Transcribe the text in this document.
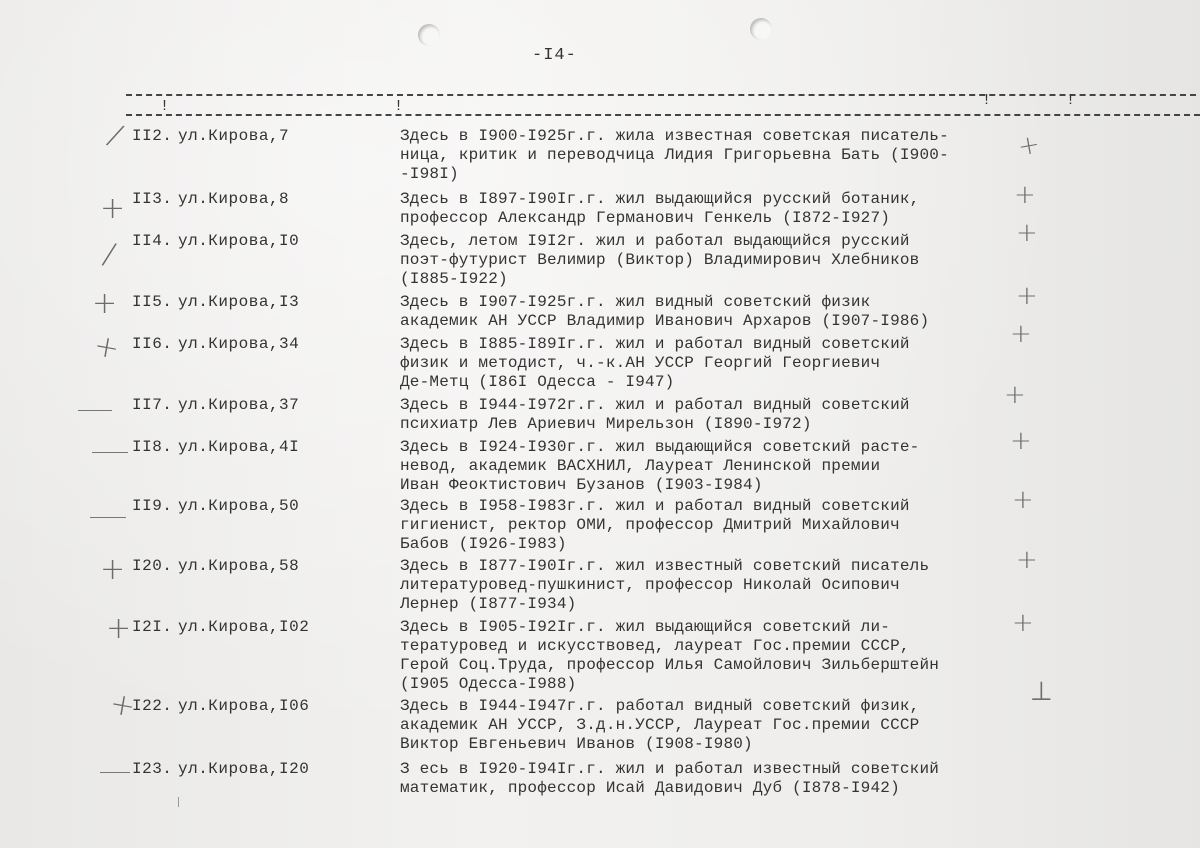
-I4-
!	!	!	!
/ II2. ул.Кирова,7	Здесь в I900-I925г.г. жила известная советская писатель-
ница, критик и переводчица Лидия Григорьевна Бать (I900-
-I98I)
+
+ II3. ул.Кирова,8	Здесь в I897-I90Iг.г. жил выдающийся русский ботаник,
профессор Александр Германович Генкель (I872-I927)
+
/ II4. ул.Кирова,I0	Здесь, летом I9I2г. жил и работал выдающийся русский
поэт-футурист Велимир (Виктор) Владимирович Хлебников
(I885-I922)
+
+ II5. ул.Кирова,I3	Здесь в I907-I925г.г. жил видный советский физик
академик АН УССР Владимир Иванович Архаров (I907-I986)
+
+ II6. ул.Кирова,34	Здесь в I885-I89Iг.г. жил и работал видный советский
физик и методист, ч.-к.АН УССР Георгий Георгиевич
Де-Метц (I86I Одесса - I947)
+
II7. ул.Кирова,37	Здесь в I944-I972г.г. жил и работал видный советский
психиатр Лев Ариевич Мирельзон (I890-I972)
+
II8. ул.Кирова,4I	Здесь в I924-I930г.г. жил выдающийся советский расте-
невод, академик ВАСХНИЛ, Лауреат Ленинской премии
Иван Феоктистович Бузанов (I903-I984)
+
II9. ул.Кирова,50	Здесь в I958-I983г.г. жил и работал видный советский
гигиенист, ректор ОМИ, профессор Дмитрий Михайлович
Бабов (I926-I983)
+
+ I20. ул.Кирова,58	Здесь в I877-I90Iг.г. жил известный советский писатель
литературовед-пушкинист, профессор Николай Осипович
Лернер (I877-I934)
+
+ I2I. ул.Кирова,I02	Здесь в I905-I92Iг.г. жил выдающийся советский ли-
тературовед и искусствовед, лауреат Гос.премии СССР,
Герой Соц.Труда, профессор Илья Самойлович Зильберштейн
(I905 Одесса-I988)
+
+
I22. ул.Кирова,I06	Здесь в I944-I947г.г. работал видный советский физик,
академик АН УССР, З.д.н.УССР, Лауреат Гос.премии СССР
Виктор Евгеньевич Иванов (I908-I980)
⊥
I23. ул.Кирова,I20	З есь в I920-I94Iг.г. жил и работал известный советский
математик, профессор Исай Давидович Дуб (I878-I942)
